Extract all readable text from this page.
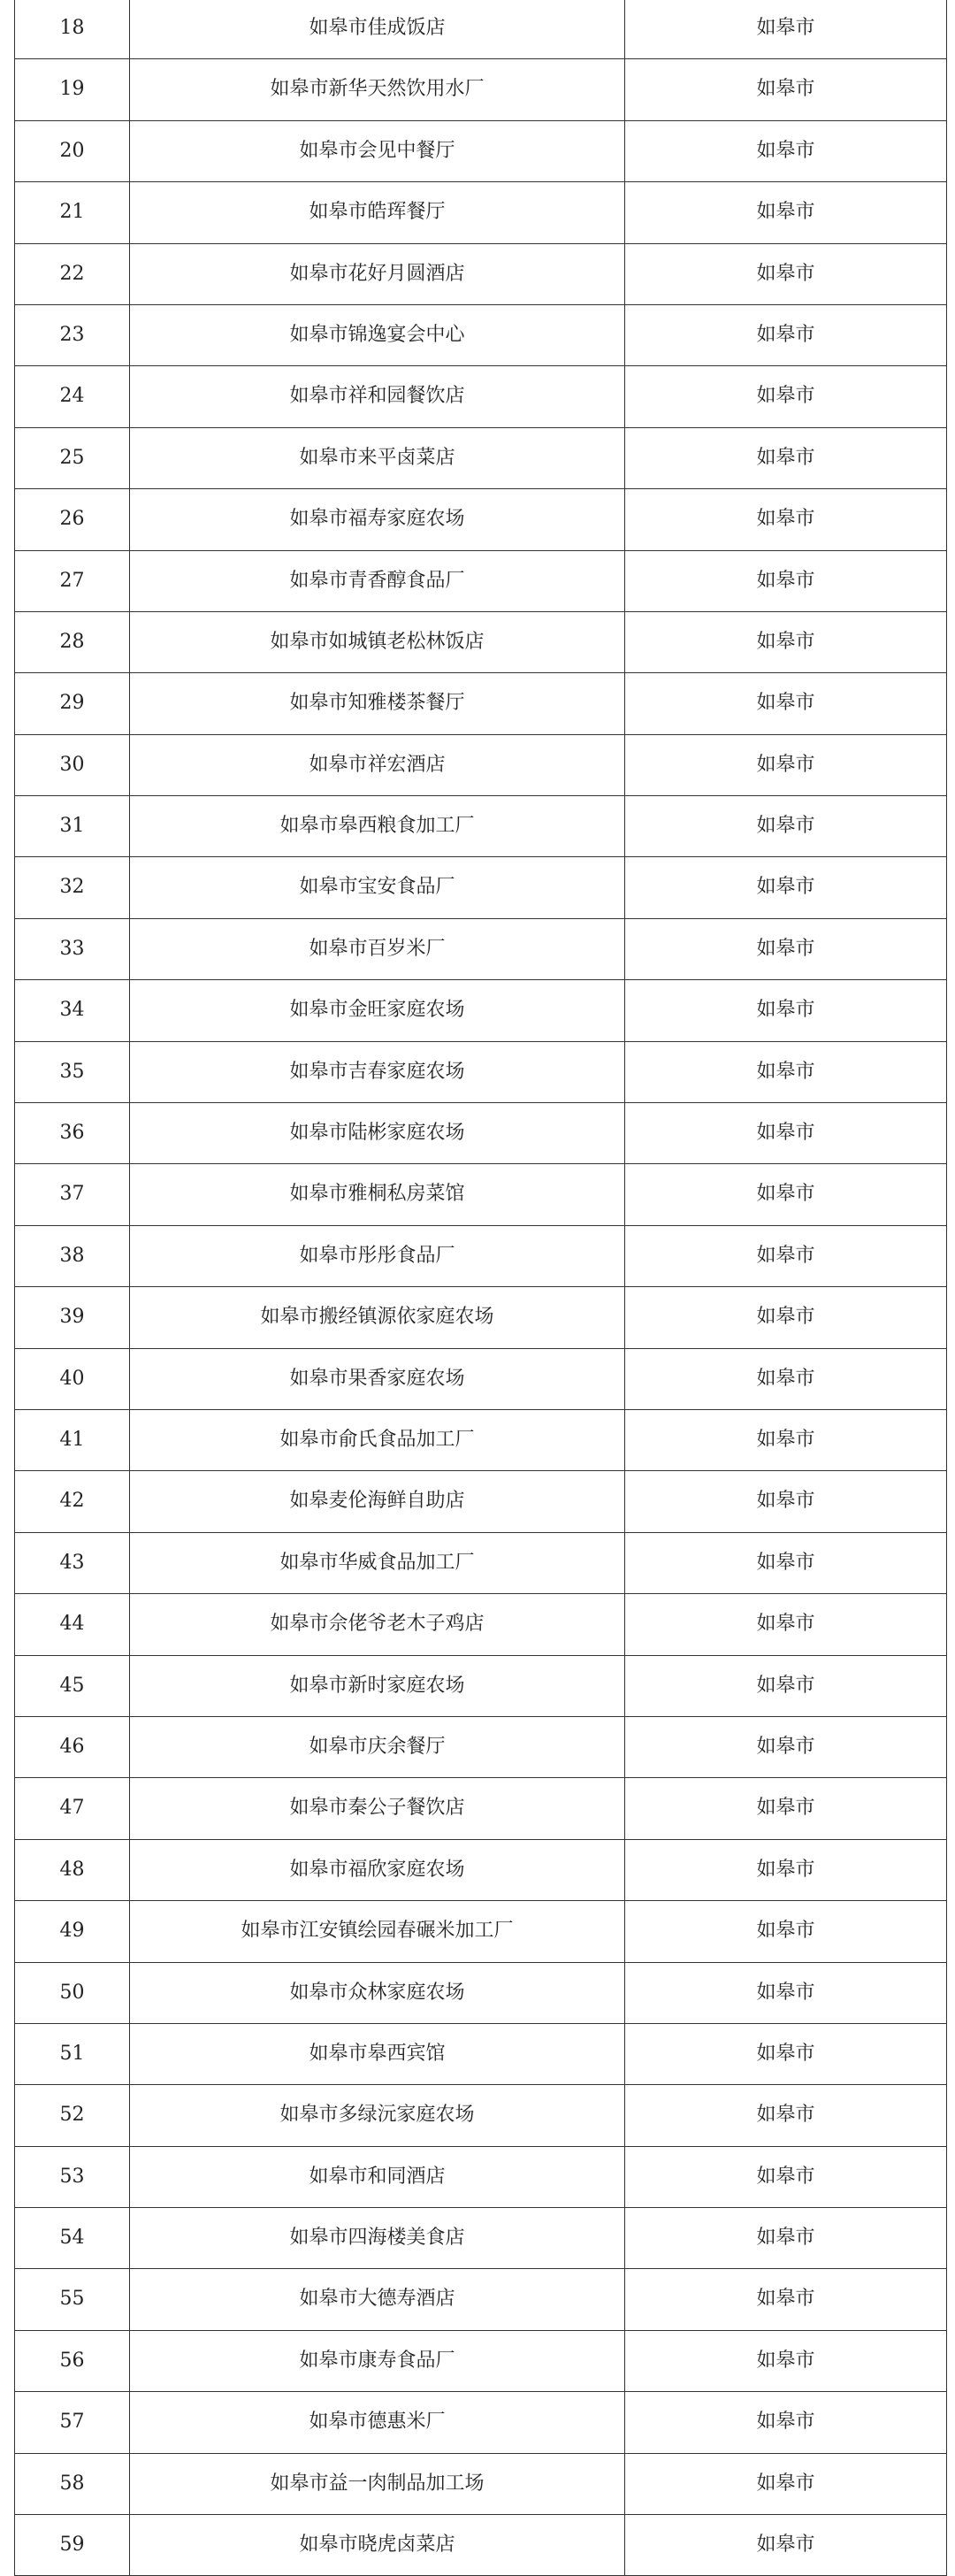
18	如皋市佳成饭店	如皋市
19	如皋市新华天然饮用水厂	如皋市
20	如皋市会见中餐厅	如皋市
21	如皋市皓珲餐厅	如皋市
22	如皋市花好月圆酒店	如皋市
23	如皋市锦逸宴会中心	如皋市
24	如皋市祥和园餐饮店	如皋市
25	如皋市来平卤菜店	如皋市
26	如皋市福寿家庭农场	如皋市
27	如皋市青香醇食品厂	如皋市
28	如皋市如城镇老松林饭店	如皋市
29	如皋市知雅楼茶餐厅	如皋市
30	如皋市祥宏酒店	如皋市
31	如皋市皋西粮食加工厂	如皋市
32	如皋市宝安食品厂	如皋市
33	如皋市百岁米厂	如皋市
34	如皋市金旺家庭农场	如皋市
35	如皋市吉春家庭农场	如皋市
36	如皋市陆彬家庭农场	如皋市
37	如皋市雅桐私房菜馆	如皋市
38	如皋市彤彤食品厂	如皋市
39	如皋市搬经镇源依家庭农场	如皋市
40	如皋市果香家庭农场	如皋市
41	如皋市俞氏食品加工厂	如皋市
42	如皋麦伦海鲜自助店	如皋市
43	如皋市华威食品加工厂	如皋市
44	如皋市佘佬爷老木子鸡店	如皋市
45	如皋市新时家庭农场	如皋市
46	如皋市庆余餐厅	如皋市
47	如皋市秦公子餐饮店	如皋市
48	如皋市福欣家庭农场	如皋市
49	如皋市江安镇绘园春碾米加工厂	如皋市
50	如皋市众林家庭农场	如皋市
51	如皋市皋西宾馆	如皋市
52	如皋市多绿沅家庭农场	如皋市
53	如皋市和同酒店	如皋市
54	如皋市四海楼美食店	如皋市
55	如皋市大德寿酒店	如皋市
56	如皋市康寿食品厂	如皋市
57	如皋市德惠米厂	如皋市
58	如皋市益一肉制品加工场	如皋市
59	如皋市晓虎卤菜店	如皋市
